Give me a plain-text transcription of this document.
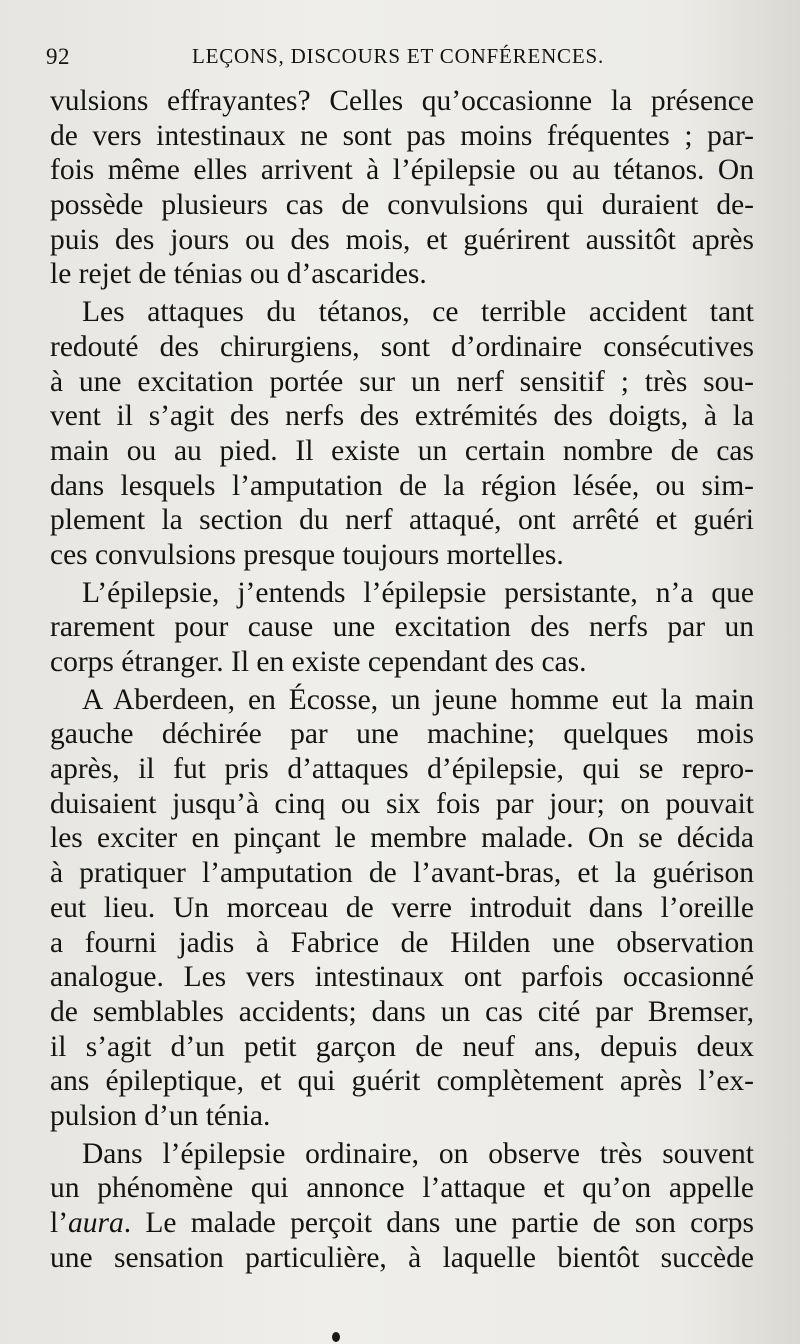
92	LEÇONS, DISCOURS ET CONFÉRENCES.
vulsions effrayantes? Celles qu’occasionne la présence
de vers intestinaux ne sont pas moins fréquentes ; par-
fois même elles arrivent à l’épilepsie ou au tétanos. On
possède plusieurs cas de convulsions qui duraient de-
puis des jours ou des mois, et guérirent aussitôt après
le rejet de ténias ou d’ascarides.
Les attaques du tétanos, ce terrible accident tant
redouté des chirurgiens, sont d’ordinaire consécutives
à une excitation portée sur un nerf sensitif ; très sou-
vent il s’agit des nerfs des extrémités des doigts, à la
main ou au pied. Il existe un certain nombre de cas
dans lesquels l’amputation de la région lésée, ou sim-
plement la section du nerf attaqué, ont arrêté et guéri
ces convulsions presque toujours mortelles.
L’épilepsie, j’entends l’épilepsie persistante, n’a que
rarement pour cause une excitation des nerfs par un
corps étranger. Il en existe cependant des cas.
A Aberdeen, en Écosse, un jeune homme eut la main
gauche déchirée par une machine; quelques mois
après, il fut pris d’attaques d’épilepsie, qui se repro-
duisaient jusqu’à cinq ou six fois par jour; on pouvait
les exciter en pinçant le membre malade. On se décida
à pratiquer l’amputation de l’avant-bras, et la guérison
eut lieu. Un morceau de verre introduit dans l’oreille
a fourni jadis à Fabrice de Hilden une observation
analogue. Les vers intestinaux ont parfois occasionné
de semblables accidents; dans un cas cité par Bremser,
il s’agit d’un petit garçon de neuf ans, depuis deux
ans épileptique, et qui guérit complètement après l’ex-
pulsion d’un ténia.
Dans l’épilepsie ordinaire, on observe très souvent
un phénomène qui annonce l’attaque et qu’on appelle
l’aura. Le malade perçoit dans une partie de son corps
une sensation particulière, à laquelle bientôt succède
